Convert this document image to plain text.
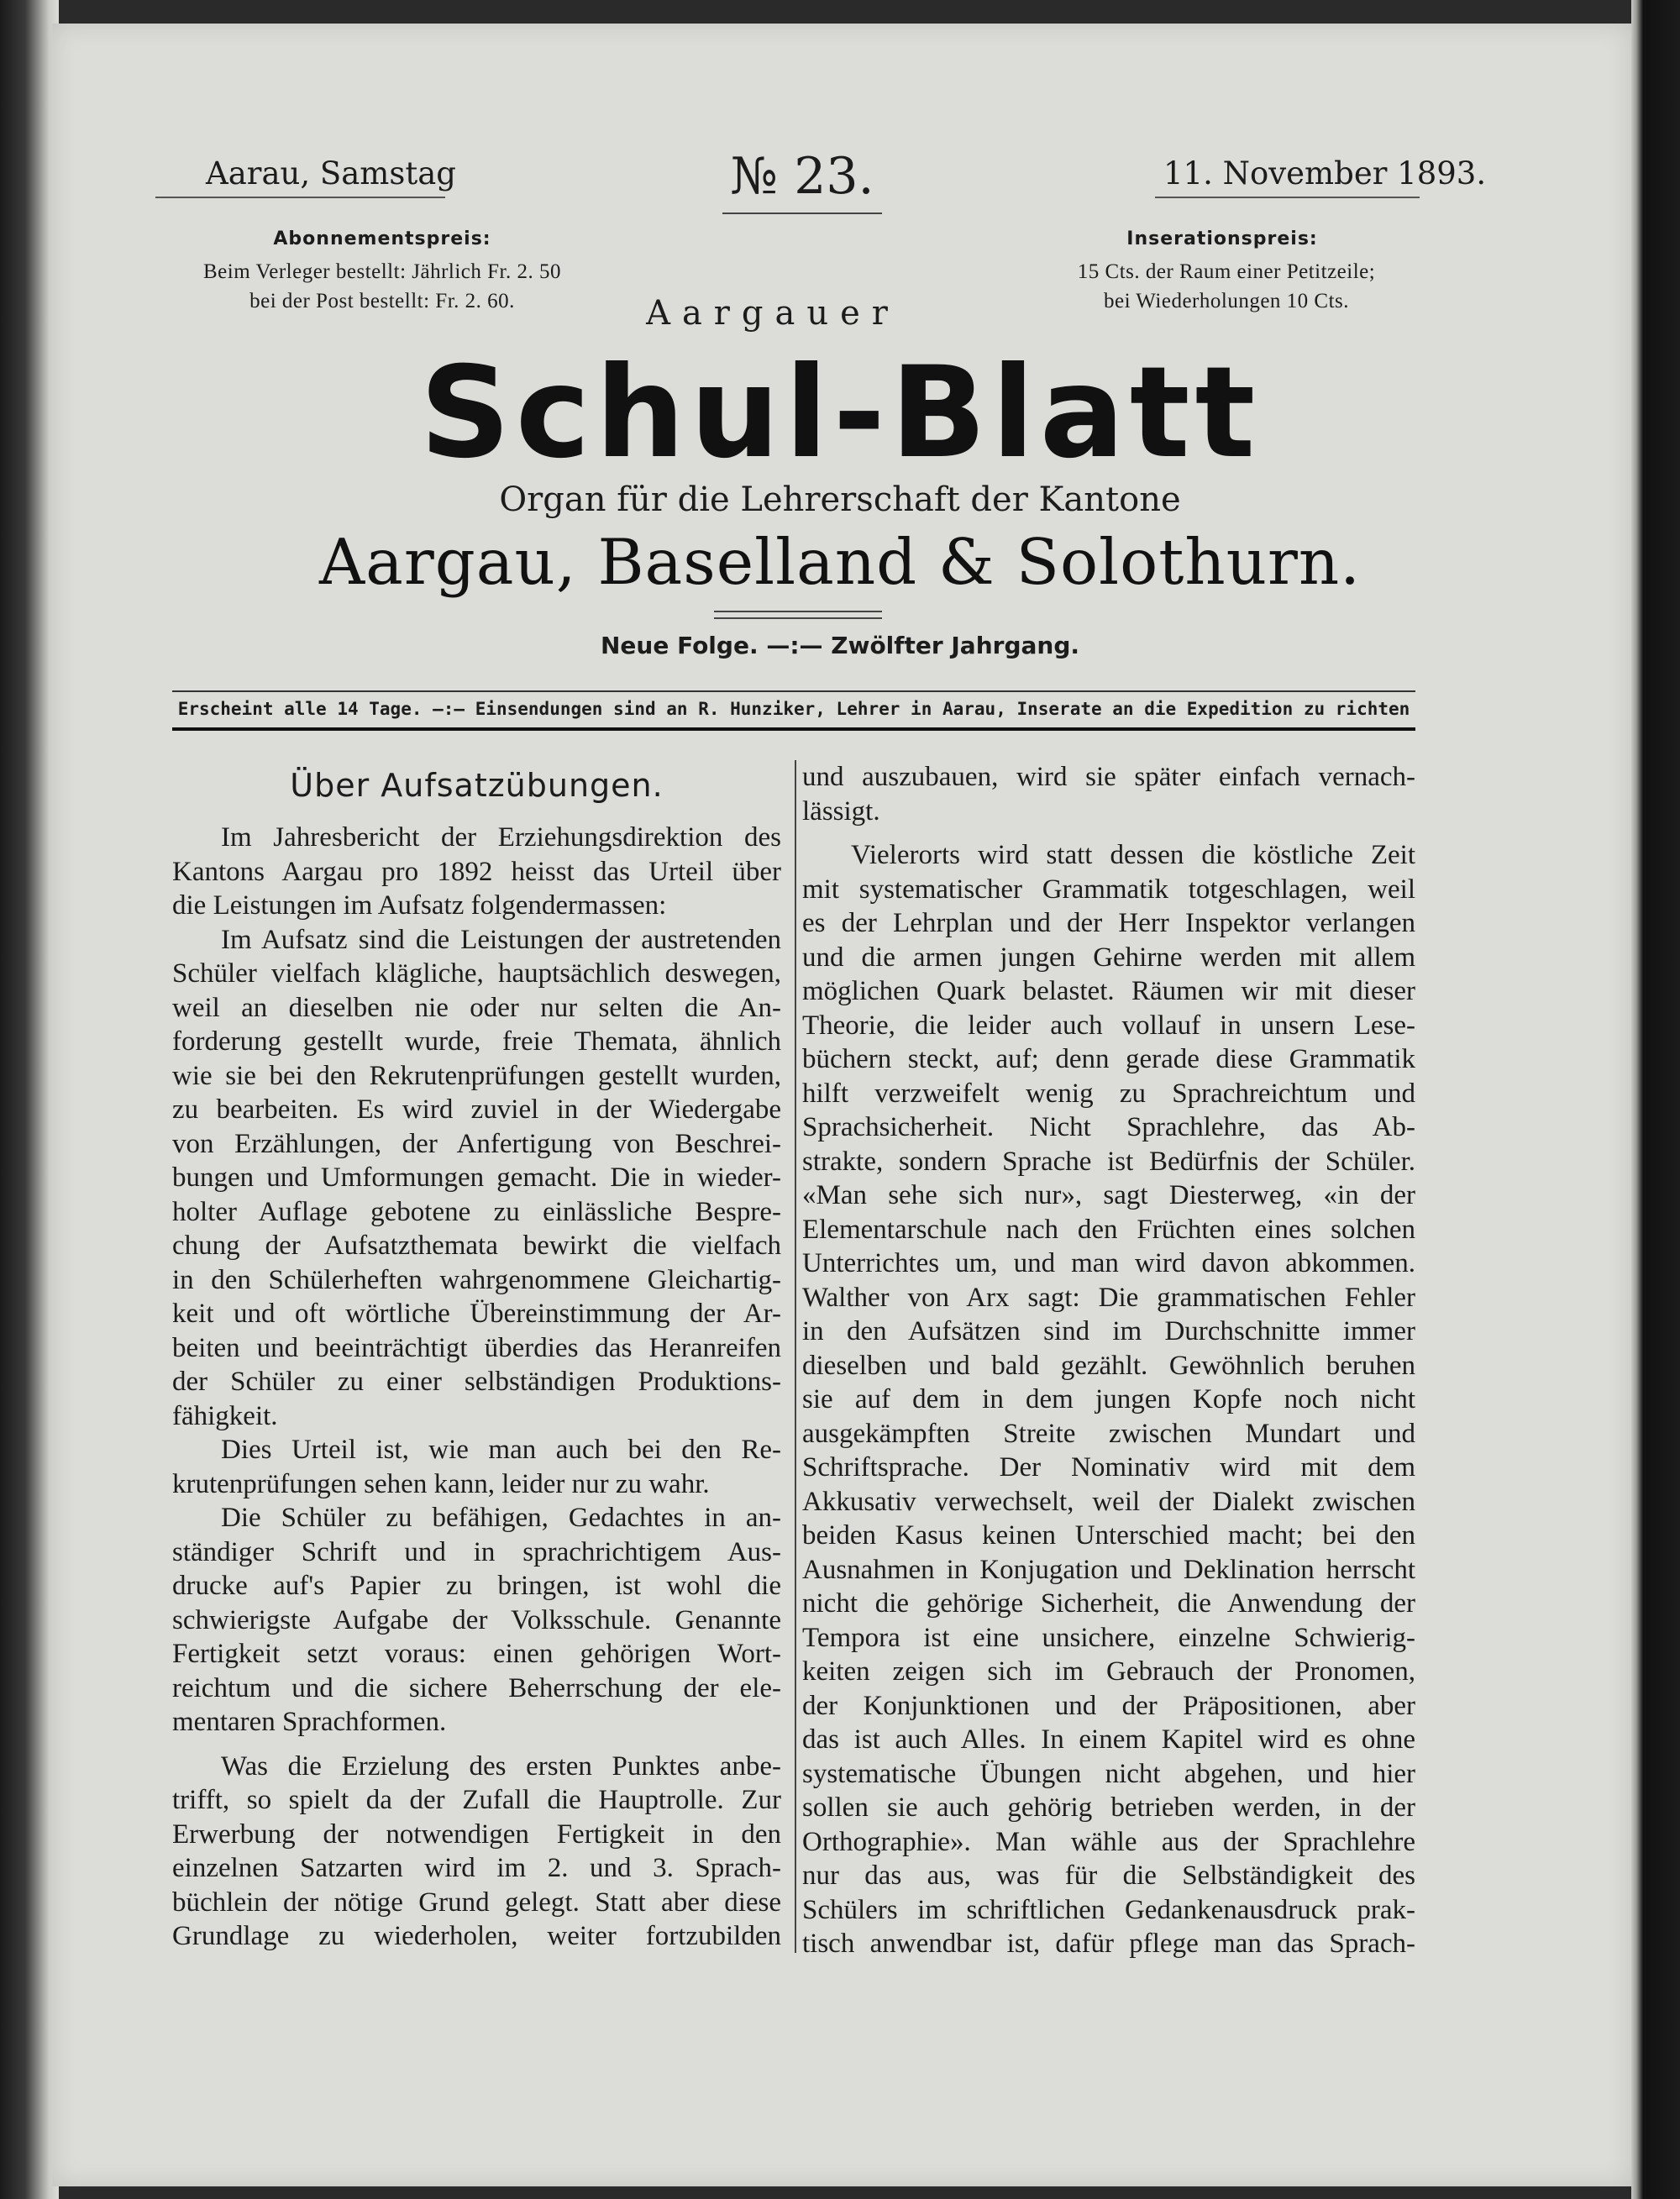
Aarau, Samstag	№ 23.	11. November 1893.
Abonnementspreis:
Beim Verleger bestellt: Jährlich Fr. 2. 50
bei der Post bestellt: Fr. 2. 60.
Inserationspreis:
15 Cts. der Raum einer Petitzeile;
bei Wiederholungen 10 Cts.
Aargauer
Schul-Blatt
Organ für die Lehrerschaft der Kantone
Aargau, Baselland & Solothurn.
Neue Folge. —:— Zwölfter Jahrgang.
Erscheint alle 14 Tage. —:— Einsendungen sind an R. Hunziker, Lehrer in Aarau, Inserate an die Expedition zu richten
Über Aufsatzübungen.
Im Jahresbericht der Erziehungsdirektion des
Kantons Aargau pro 1892 heisst das Urteil über
die Leistungen im Aufsatz folgendermassen:
Im Aufsatz sind die Leistungen der austretenden
Schüler vielfach klägliche, hauptsächlich deswegen,
weil an dieselben nie oder nur selten die An-
forderung gestellt wurde, freie Themata, ähnlich
wie sie bei den Rekrutenprüfungen gestellt wurden,
zu bearbeiten. Es wird zuviel in der Wiedergabe
von Erzählungen, der Anfertigung von Beschrei-
bungen und Umformungen gemacht. Die in wieder-
holter Auflage gebotene zu einlässliche Bespre-
chung der Aufsatzthemata bewirkt die vielfach
in den Schülerheften wahrgenommene Gleichartig-
keit und oft wörtliche Übereinstimmung der Ar-
beiten und beeinträchtigt überdies das Heranreifen
der Schüler zu einer selbständigen Produktions-
fähigkeit.
Dies Urteil ist, wie man auch bei den Re-
krutenprüfungen sehen kann, leider nur zu wahr.
Die Schüler zu befähigen, Gedachtes in an-
ständiger Schrift und in sprachrichtigem Aus-
drucke auf's Papier zu bringen, ist wohl die
schwierigste Aufgabe der Volksschule. Genannte
Fertigkeit setzt voraus: einen gehörigen Wort-
reichtum und die sichere Beherrschung der ele-
mentaren Sprachformen.
Was die Erzielung des ersten Punktes anbe-
trifft, so spielt da der Zufall die Hauptrolle. Zur
Erwerbung der notwendigen Fertigkeit in den
einzelnen Satzarten wird im 2. und 3. Sprach-
büchlein der nötige Grund gelegt. Statt aber diese
Grundlage zu wiederholen, weiter fortzubilden
und auszubauen, wird sie später einfach vernach-
lässigt.
Vielerorts wird statt dessen die köstliche Zeit
mit systematischer Grammatik totgeschlagen, weil
es der Lehrplan und der Herr Inspektor verlangen
und die armen jungen Gehirne werden mit allem
möglichen Quark belastet. Räumen wir mit dieser
Theorie, die leider auch vollauf in unsern Lese-
büchern steckt, auf; denn gerade diese Grammatik
hilft verzweifelt wenig zu Sprachreichtum und
Sprachsicherheit. Nicht Sprachlehre, das Ab-
strakte, sondern Sprache ist Bedürfnis der Schüler.
«Man sehe sich nur», sagt Diesterweg, «in der
Elementarschule nach den Früchten eines solchen
Unterrichtes um, und man wird davon abkommen.
Walther von Arx sagt: Die grammatischen Fehler
in den Aufsätzen sind im Durchschnitte immer
dieselben und bald gezählt. Gewöhnlich beruhen
sie auf dem in dem jungen Kopfe noch nicht
ausgekämpften Streite zwischen Mundart und
Schriftsprache. Der Nominativ wird mit dem
Akkusativ verwechselt, weil der Dialekt zwischen
beiden Kasus keinen Unterschied macht; bei den
Ausnahmen in Konjugation und Deklination herrscht
nicht die gehörige Sicherheit, die Anwendung der
Tempora ist eine unsichere, einzelne Schwierig-
keiten zeigen sich im Gebrauch der Pronomen,
der Konjunktionen und der Präpositionen, aber
das ist auch Alles. In einem Kapitel wird es ohne
systematische Übungen nicht abgehen, und hier
sollen sie auch gehörig betrieben werden, in der
Orthographie». Man wähle aus der Sprachlehre
nur das aus, was für die Selbständigkeit des
Schülers im schriftlichen Gedankenausdruck prak-
tisch anwendbar ist, dafür pflege man das Sprach-
